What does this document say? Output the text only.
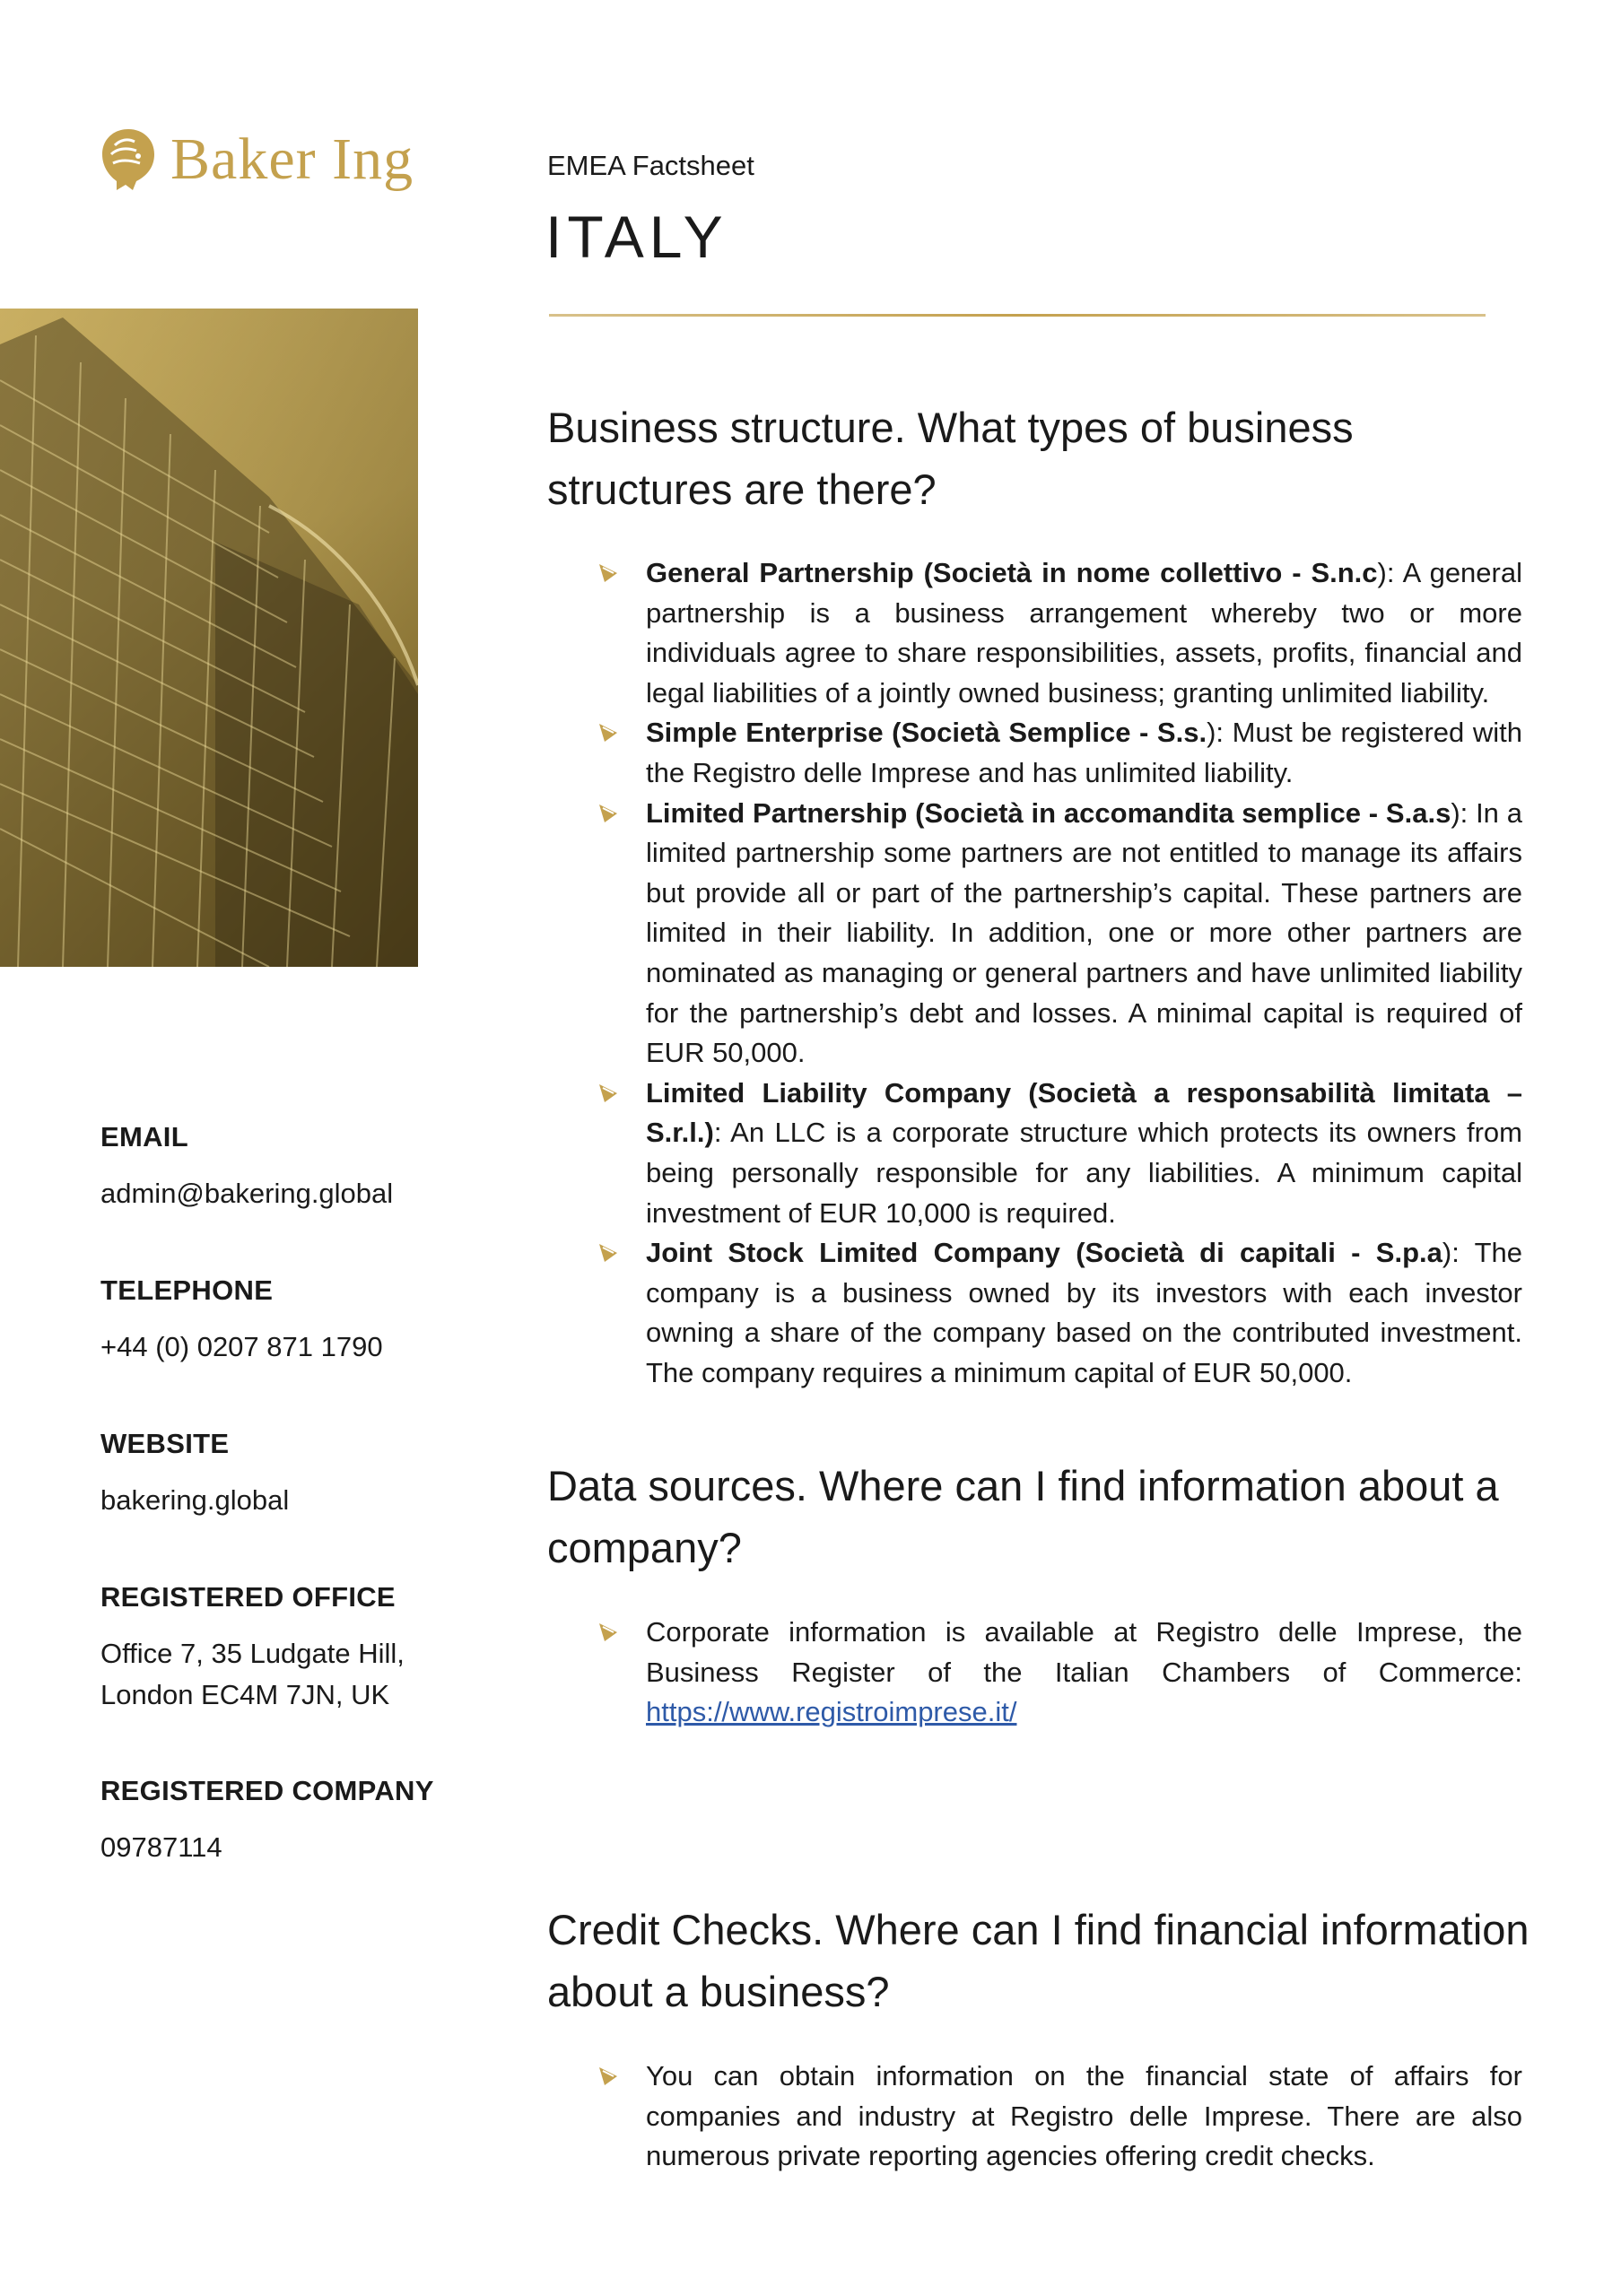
Baker Ing

EMAIL

admin@bakering.global

TELEPHONE

+44 (0) 0207 871 1790

WEBSITE

bakering.global

REGISTERED OFFICE

Office 7, 35 Ludgate Hill,

London EC4M 7JN, UK

REGISTERED COMPANY

09787114

EMEA Factsheet
ITALY
Business structure. What types of business structures are there?
General Partnership (Società in nome collettivo - S.n.c): A general partnership is a business arrangement whereby two or more individuals agree to share responsibilities, assets, profits, financial and legal liabilities of a jointly owned business; granting unlimited liability.
Simple Enterprise (Società Semplice - S.s.): Must be registered with the Registro delle Imprese and has unlimited liability.
Limited Partnership (Società in accomandita semplice - S.a.s): In a limited partnership some partners are not entitled to manage its affairs but provide all or part of the partnership’s capital. These partners are limited in their liability. In addition, one or more other partners are nominated as managing or general partners and have unlimited liability for the partnership’s debt and losses. A minimal capital is required of EUR 50,000.
Limited Liability Company (Società a responsabilità limitata – S.r.l.): An LLC is a corporate structure which protects its owners from being personally responsible for any liabilities. A minimum capital investment of EUR 10,000 is required.
Joint Stock Limited Company (Società di capitali - S.p.a): The company is a business owned by its investors with each investor owning a share of the company based on the contributed investment. The company requires a minimum capital of EUR 50,000.
Data sources. Where can I find information about a company?
Corporate information is available at Registro delle Imprese, the Business Register of the Italian Chambers of Commerce: https://www.registroimprese.it/
Credit Checks. Where can I find financial information about a business?
You can obtain information on the financial state of affairs for companies and industry at Registro delle Imprese. There are also numerous private reporting agencies offering credit checks.
